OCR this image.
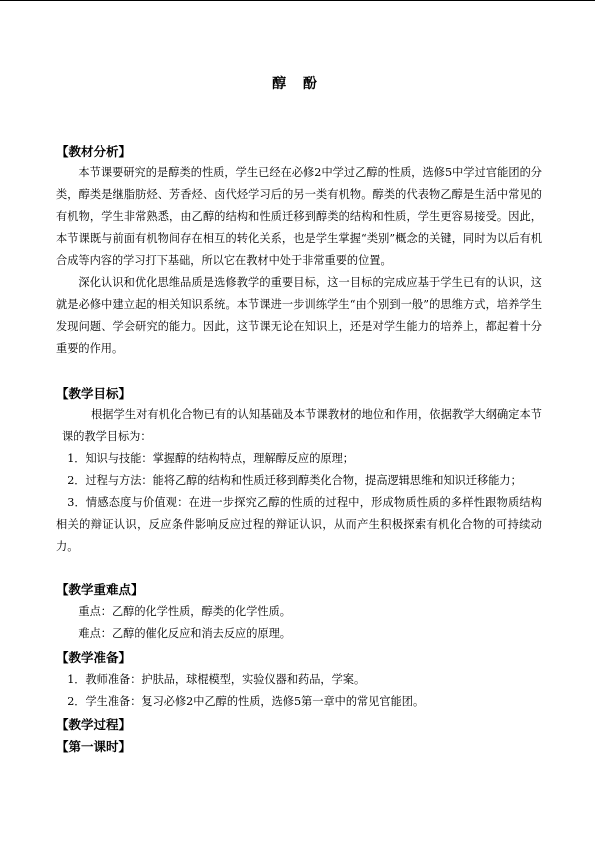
醇 酚
【教材分析】

本节课要研究的是醇类的性质，学生已经在必修2中学过乙醇的性质，选修5中学过官能团的分类，醇类是继脂肪烃、芳香烃、卤代烃学习后的另一类有机物。醇类的代表物乙醇是生活中常见的有机物，学生非常熟悉，由乙醇的结构和性质迁移到醇类的结构和性质，学生更容易接受。因此，本节课既与前面有机物间存在相互的转化关系，也是学生掌握“类别”概念的关键，同时为以后有机合成等内容的学习打下基础，所以它在教材中处于非常重要的位置。

深化认识和优化思维品质是选修教学的重要目标，这一目标的完成应基于学生已有的认识，这就是必修中建立起的相关知识系统。本节课进一步训练学生“由个别到一般”的思维方式，培养学生发现问题、学会研究的能力。因此，这节课无论在知识上，还是对学生能力的培养上，都起着十分重要的作用。

【教学目标】

根据学生对有机化合物已有的认知基础及本节课教材的地位和作用，依据教学大纲确定本节课的教学目标为：

1．知识与技能：掌握醇的结构特点，理解醇反应的原理；

2．过程与方法：能将乙醇的结构和性质迁移到醇类化合物，提高逻辑思维和知识迁移能力；

3．情感态度与价值观：在进一步探究乙醇的性质的过程中，形成物质性质的多样性跟物质结构相关的辩证认识，反应条件影响反应过程的辩证认识，从而产生积极探索有机化合物的可持续动力。

【教学重难点】

重点：乙醇的化学性质，醇类的化学性质。

难点：乙醇的催化反应和消去反应的原理。

【教学准备】

1．教师准备：护肤品，球棍模型，实验仪器和药品，学案。

2．学生准备：复习必修2中乙醇的性质，选修5第一章中的常见官能团。

【教学过程】
【第一课时】
